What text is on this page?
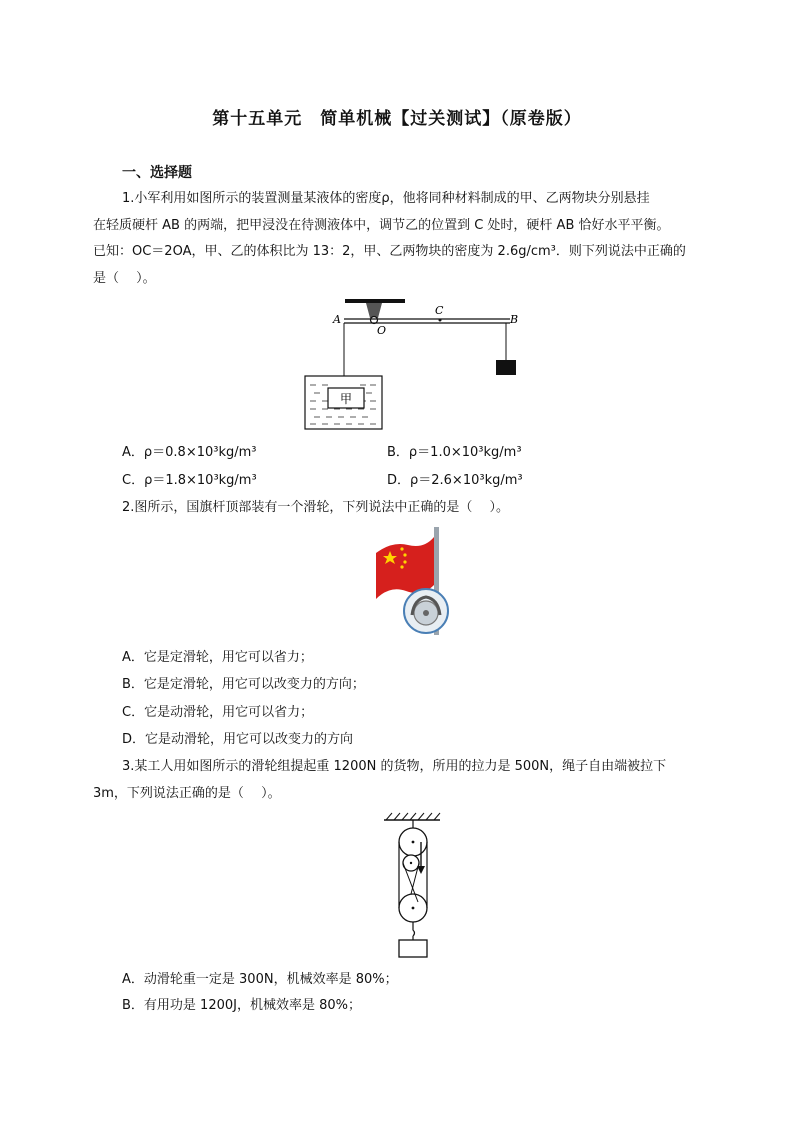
第十五单元　简单机械【过关测试】（原卷版）
一、选择题
1.小军利用如图所示的装置测量某液体的密度ρ，他将同种材料制成的甲、乙两物块分别悬挂
在轻质硬杆 AB 的两端，把甲浸没在待测液体中，调节乙的位置到 C 处时，硬杆 AB 恰好水平平衡。
已知：OC＝2OA，甲、乙的体积比为 13：2，甲、乙两物块的密度为 2.6g/cm³．则下列说法中正确的
是（　 ）。
甲
A
O
C
B
A．ρ＝0.8×10³kg/m³	B．ρ＝1.0×10³kg/m³
C．ρ＝1.8×10³kg/m³	D．ρ＝2.6×10³kg/m³
2.图所示，国旗杆顶部装有一个滑轮，下列说法中正确的是（　 ）。
A．它是定滑轮，用它可以省力；
B．它是定滑轮，用它可以改变力的方向；
C．它是动滑轮，用它可以省力；
D．它是动滑轮，用它可以改变力的方向
3.某工人用如图所示的滑轮组提起重 1200N 的货物，所用的拉力是 500N，绳子自由端被拉下
3m，下列说法正确的是（　 ）。
A．动滑轮重一定是 300N，机械效率是 80%；
B．有用功是 1200J，机械效率是 80%；
